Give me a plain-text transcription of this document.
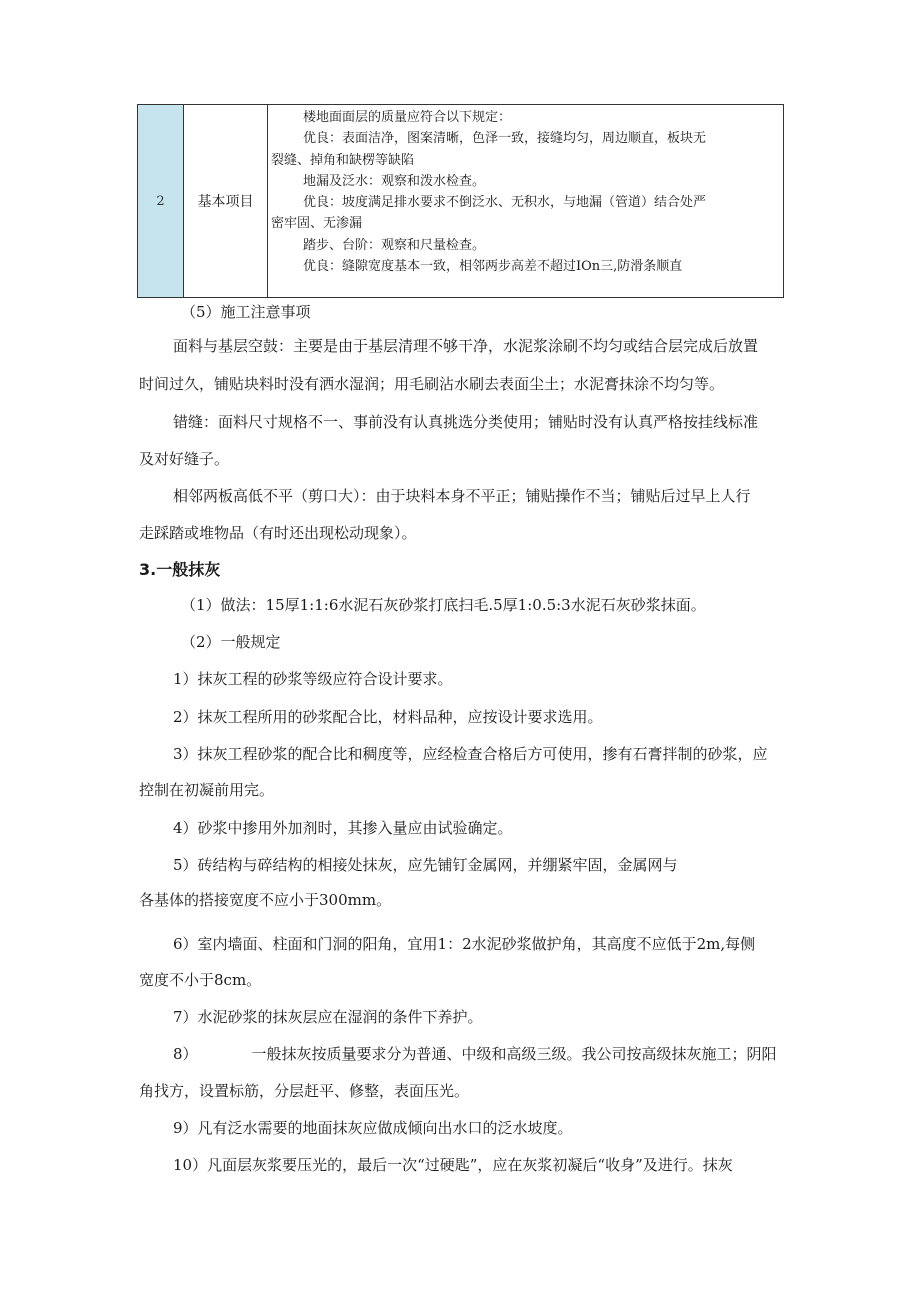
2	基本项目

楼地面面层的质量应符合以下规定：

优良：表面洁净，图案清晰，色泽一致，接缝均匀，周边顺直，板块无

裂缝、掉角和缺楞等缺陷

地漏及泛水：观察和泼水检查。

优良：坡度满足排水要求不倒泛水、无积水，与地漏（管道）结合处严

密牢固、无渗漏

踏步、台阶：观察和尺量检查。

优良：缝隙宽度基本一致，相邻两步高差不超过IOn三,防滑条顺直

（5）施工注意事项

面料与基层空鼓：主要是由于基层清理不够干净，水泥浆涂刷不均匀或结合层完成后放置

时间过久，铺贴块料时没有洒水湿润；用毛刷沾水刷去表面尘土；水泥膏抹涂不均匀等。

错缝：面料尺寸规格不一、事前没有认真挑选分类使用；铺贴时没有认真严格按挂线标准

及对好缝子。

相邻两板高低不平（剪口大）：由于块料本身不平正；铺贴操作不当；铺贴后过早上人行

走踩踏或堆物品（有时还出现松动现象）。

3.一般抹灰

（1）做法：15厚1:1:6水泥石灰砂浆打底扫毛.5厚1:0.5:3水泥石灰砂浆抹面。

（2）一般规定

1）抹灰工程的砂浆等级应符合设计要求。

2）抹灰工程所用的砂浆配合比，材料品种，应按设计要求选用。

3）抹灰工程砂浆的配合比和稠度等，应经检查合格后方可使用，掺有石膏拌制的砂浆，应

控制在初凝前用完。

4）砂浆中掺用外加剂时，其掺入量应由试验确定。

5）砖结构与碎结构的相接处抹灰，应先铺钉金属网，并绷紧牢固，金属网与

各基体的搭接宽度不应小于300mm。

6）室内墙面、柱面和门洞的阳角，宜用1：2水泥砂浆做护角，其高度不应低于2m,每侧

宽度不小于8cm。

7）水泥砂浆的抹灰层应在湿润的条件下养护。

8）	一般抹灰按质量要求分为普通、中级和高级三级。我公司按高级抹灰施工；阴阳

角找方，设置标筋，分层赶平、修整，表面压光。

9）凡有泛水需要的地面抹灰应做成倾向出水口的泛水坡度。

10）凡面层灰浆要压光的，最后一次“过硬匙”，应在灰浆初凝后“收身”及进行。抹灰
